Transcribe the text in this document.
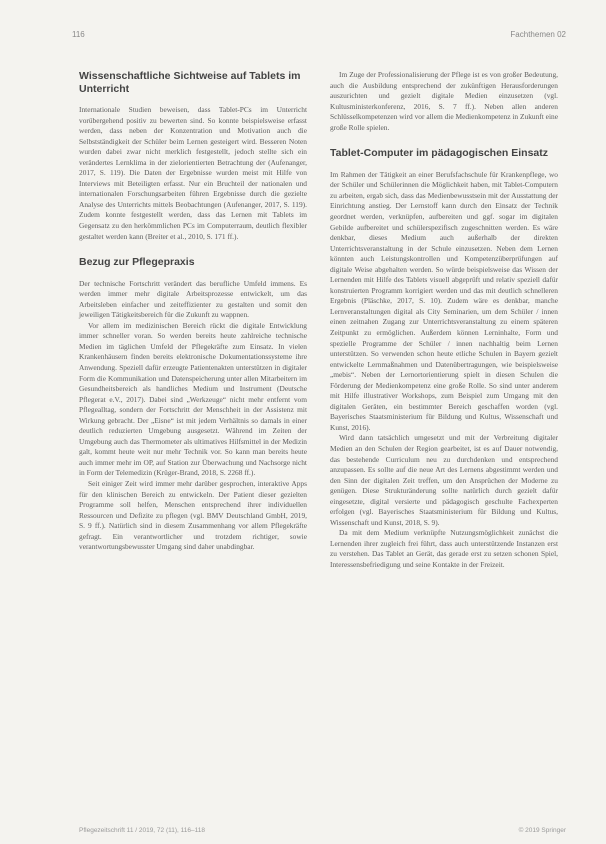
116	Fachthemen 02
Wissenschaftliche Sichtweise auf Tablets im Unterricht

Internationale Studien beweisen, dass Tablet-PCs im Unterricht vorübergehend positiv zu bewerten sind. So konnte beispielsweise erfasst werden, dass neben der Konzentration und Motivation auch die Selbstständigkeit der Schüler beim Lernen gesteigert wird. Besseren Noten wurden dabei zwar nicht merklich festgestellt, jedoch stellte sich ein verändertes Lernklima in der zielorientierten Betrachtung der (Aufenanger, 2017, S. 119). Die Daten der Ergebnisse wurden meist mit Hilfe von Interviews mit Beteiligten erfasst. Nur ein Bruchteil der nationalen und internationalen Forschungsarbeiten führen Ergebnisse durch die gezielte Analyse des Unterrichts mittels Beobachtungen (Aufenanger, 2017, S. 119). Zudem konnte festgestellt werden, dass das Lernen mit Tablets im Gegensatz zu den herkömmlichen PCs im Computerraum, deutlich flexibler gestaltet werden kann (Breiter et al., 2010, S. 171 ff.).

Bezug zur Pflegepraxis

Der technische Fortschritt verändert das berufliche Umfeld immens. Es werden immer mehr digitale Arbeitsprozesse entwickelt, um das Arbeitsleben einfacher und zeiteffizienter zu gestalten und somit den jeweiligen Tätigkeitsbereich für die Zukunft zu wappnen.

Vor allem im medizinischen Bereich rückt die digitale Entwicklung immer schneller voran. So werden bereits heute zahlreiche technische Medien im täglichen Umfeld der Pflegekräfte zum Einsatz. In vielen Krankenhäusern finden bereits elektronische Dokumentationssysteme ihre Anwendung. Speziell dafür erzeugte Patientenakten unterstützen in digitaler Form die Kommunikation und Datenspeicherung unter allen Mitarbeitern im Gesundheitsbereich als handliches Medium und Instrument (Deutsche Pflegerat e.V., 2017). Dabei sind „Werkzeuge“ nicht mehr entfernt vom Pflegealltag, sondern der Fortschritt der Menschheit in der Assistenz mit Wirkung gebracht. Der „Eisne“ ist mit jedem Verhältnis so damals in einer deutlich reduzierten Umgebung ausgesetzt. Während im Zeiten der Umgebung auch das Thermometer als ultimatives Hilfsmittel in der Medizin galt, kommt heute weit nur mehr Technik vor. So kann man bereits heute auch immer mehr im OP, auf Station zur Überwachung und Nachsorge nicht in Form der Telemedizin (Krüger-Brand, 2018, S. 2268 ff.).

Seit einiger Zeit wird immer mehr darüber gesprochen, interaktive Apps für den klinischen Bereich zu entwickeln. Der Patient dieser gezielten Programme soll helfen, Menschen entsprechend ihrer individuellen Ressourcen und Defizite zu pflegen (vgl. BMV Deutschland GmbH, 2019, S. 9 ff.). Natürlich sind in diesem Zusammenhang vor allem Pflegekräfte gefragt. Ein verantwortlicher und trotzdem richtiger, sowie verantwortungsbewusster Umgang sind daher unabdingbar.

Im Zuge der Professionalisierung der Pflege ist es von großer Bedeutung, auch die Ausbildung entsprechend der zukünftigen Herausforderungen auszurichten und gezielt digitale Medien einzusetzen (vgl. Kultusministerkonferenz, 2016, S. 7 ff.). Neben allen anderen Schlüsselkompetenzen wird vor allem die Medienkompetenz in Zukunft eine große Rolle spielen.

Tablet-Computer im pädagogischen Einsatz

Im Rahmen der Tätigkeit an einer Berufsfachschule für Krankenpflege, wo der Schüler und Schülerinnen die Möglichkeit haben, mit Tablet-Computern zu arbeiten, ergab sich, dass das Medienbewusstsein mit der Ausstattung der Einrichtung anstieg. Der Lernstoff kann durch den Einsatz der Technik geordnet werden, verknüpfen, aufbereiten und ggf. sogar im digitalen Gebilde aufbereitet und schülerspezifisch zugeschnitten werden. Es wäre denkbar, dieses Medium auch außerhalb der direkten Unterrichtsveranstaltung in der Schule einzusetzen. Neben dem Lernen könnten auch Leistungskontrollen und Kompetenzüberprüfungen auf digitale Weise abgehalten werden. So würde beispielsweise das Wissen der Lernenden mit Hilfe des Tablets visuell abgeprüft und relativ speziell dafür konstruierten Programm korrigiert werden und das mit deutlich schnelleren Ergebnis (Pläschke, 2017, S. 10). Zudem wäre es denkbar, manche Lernveranstaltungen digital als City Seminarien, um dem Schüler / innen einen zeitnahen Zugang zur Unterrichtsveranstaltung zu einem späteren Zeitpunkt zu ermöglichen. Außerdem können Lerninhalte, Form und spezielle Programme der Schüler / innen nachhaltig beim Lernen unterstützen. So verwenden schon heute etliche Schulen in Bayern gezielt entwickelte Lernmaßnahmen und Datenübertragungen, wie beispielsweise „mebis“. Neben der Lernortorientierung spielt in diesen Schulen die Förderung der Medienkompetenz eine große Rolle. So sind unter anderem mit Hilfe illustrativer Workshops, zum Beispiel zum Umgang mit den digitalen Geräten, ein bestimmter Bereich geschaffen worden (vgl. Bayerisches Staatsministerium für Bildung und Kultus, Wissenschaft und Kunst, 2016).

Wird dann tatsächlich umgesetzt und mit der Verbreitung digitaler Medien an den Schulen der Region gearbeitet, ist es auf Dauer notwendig, das bestehende Curriculum neu zu durchdenken und entsprechend anzupassen. Es sollte auf die neue Art des Lernens abgestimmt werden und den Sinn der digitalen Zeit treffen, um den Ansprüchen der Moderne zu genügen. Diese Strukturänderung sollte natürlich durch gezielt dafür eingesetzte, digital versierte und pädagogisch geschulte Fachexperten erfolgen (vgl. Bayerisches Staatsministerium für Bildung und Kultus, Wissenschaft und Kunst, 2018, S. 9).

Da mit dem Medium verknüpfte Nutzungsmöglichkeit zunächst die Lernenden ihrer zugleich frei führt, dass auch unterstützende Instanzen erst zu verstehen. Das Tablet an Gerät, das gerade erst zu setzen schonen Spiel, Interessensbefriedigung und seine Kontakte in der Freizeit.

Pflegezeitschrift 11 / 2019, 72 (11), 116–118	© 2019 Springer
